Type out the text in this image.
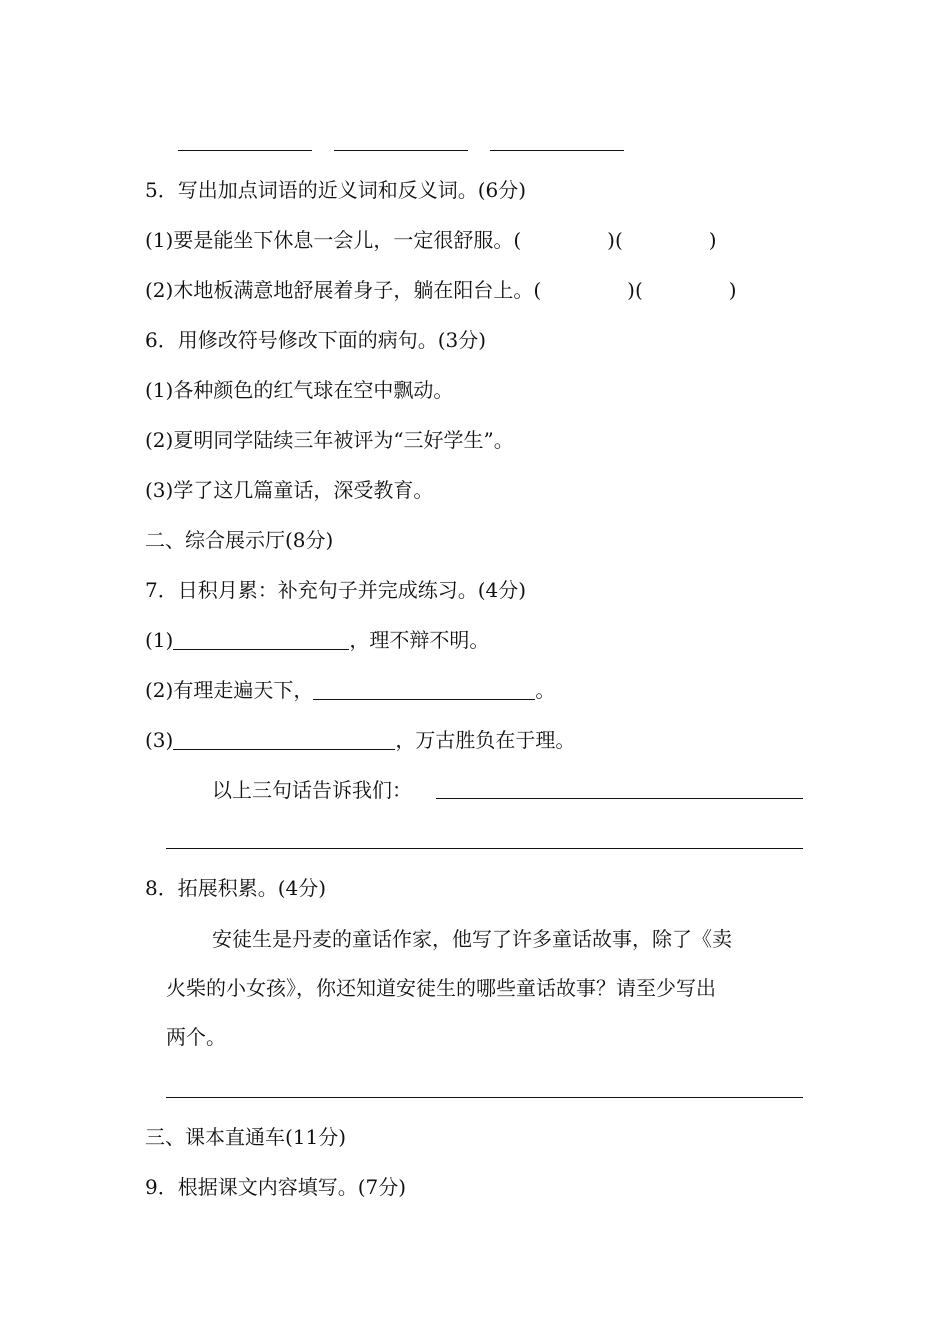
5．写出加点词语的近义词和反义词。(6分)
(1)要是能坐下休息一会儿，一定很舒服。(	)(	)
(2)木地板满意地舒展着身子，躺在阳台上。(	)(	)
6．用修改符号修改下面的病句。(3分)
(1)各种颜色的红气球在空中飘动。
(2)夏明同学陆续三年被评为“三好学生”。
(3)学了这几篇童话，深受教育。
二、综合展示厅(8分)
7．日积月累：补充句子并完成练习。(4分)
(1)	，理不辩不明。
(2)有理走遍天下，	。
(3)	，万古胜负在于理。
以上三句话告诉我们：
8．拓展积累。(4分)
安徒生是丹麦的童话作家，他写了许多童话故事，除了《卖
火柴的小女孩》，你还知道安徒生的哪些童话故事？请至少写出
两个。
三、课本直通车(11分)
9．根据课文内容填写。(7分)
